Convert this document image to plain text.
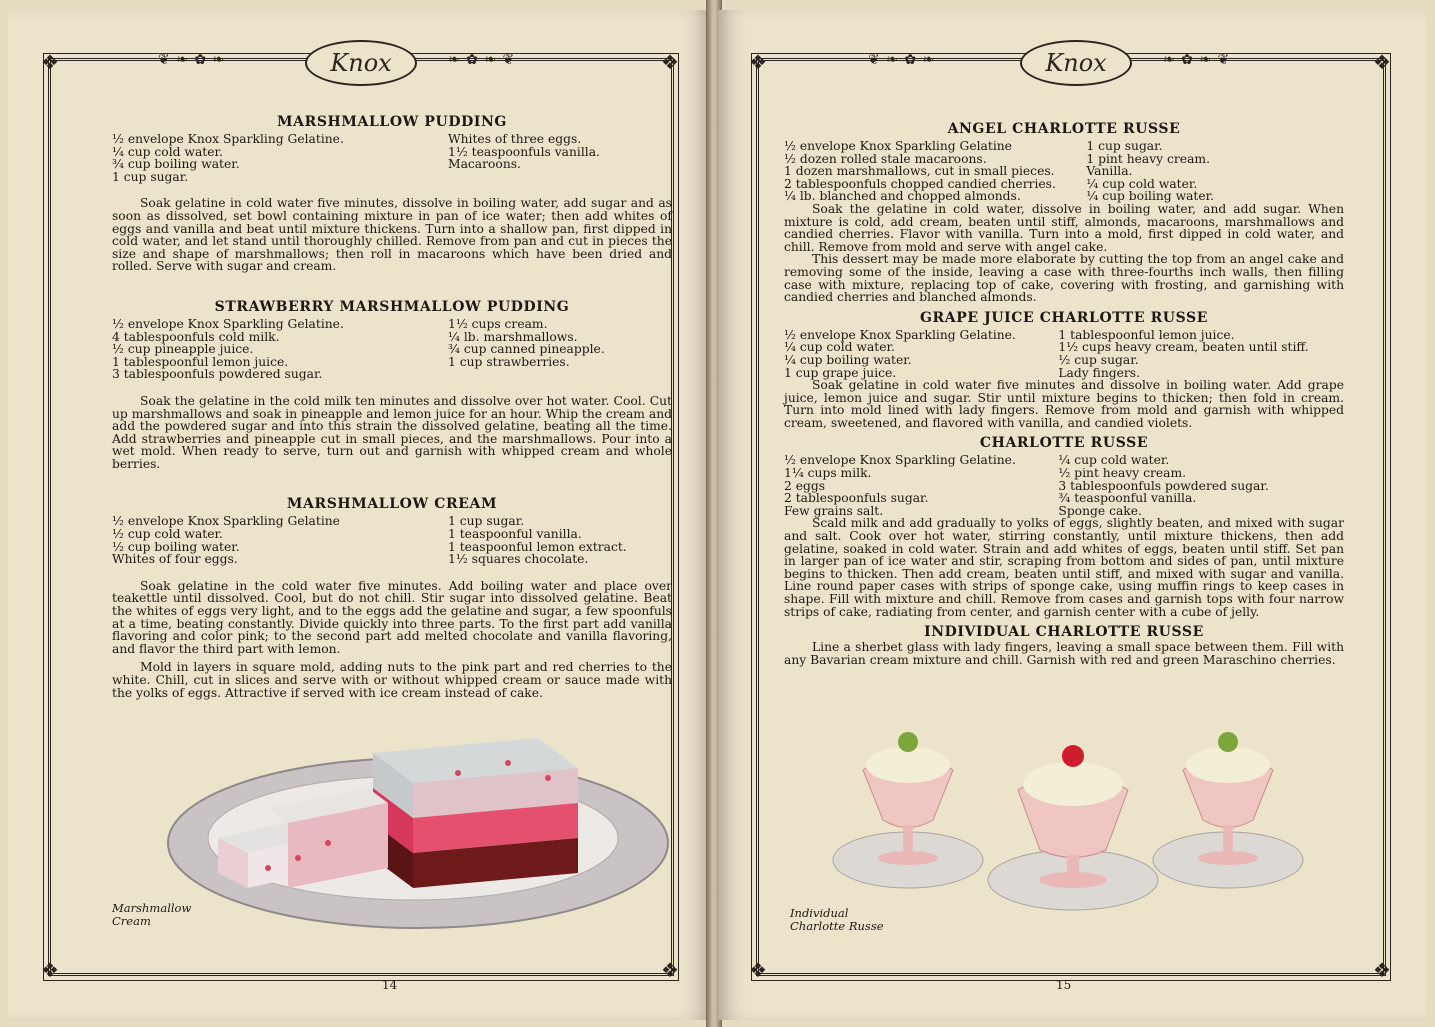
❦ ❧ ✿ ❧	❧ ✿ ❧ ❦
Knox
❖	❖
❖	❖
MARSHMALLOW PUDDING
½ envelope Knox Sparkling Gelatine.
¼ cup cold water.
¾ cup boiling water.
1 cup sugar.
Whites of three eggs.
1½ teaspoonfuls vanilla.
Macaroons.

Soak gelatine in cold water five minutes, dissolve in boiling water, add sugar and as soon as dissolved, set bowl containing mixture in pan of ice water; then add whites of eggs and vanilla and beat until mixture thickens. Turn into a shallow pan, first dipped in cold water, and let stand until thoroughly chilled. Remove from pan and cut in pieces the size and shape of marshmallows; then roll in macaroons which have been dried and rolled. Serve with sugar and cream.

STRAWBERRY MARSHMALLOW PUDDING
½ envelope Knox Sparkling Gelatine.
4 tablespoonfuls cold milk.
½ cup pineapple juice.
1 tablespoonful lemon juice.
3 tablespoonfuls powdered sugar.
1½ cups cream.
¼ lb. marshmallows.
¾ cup canned pineapple.
1 cup strawberries.

Soak the gelatine in the cold milk ten minutes and dissolve over hot water. Cool. Cut up marshmallows and soak in pineapple and lemon juice for an hour. Whip the cream and add the powdered sugar and into this strain the dissolved gelatine, beating all the time. Add strawberries and pineapple cut in small pieces, and the marshmallows. Pour into a wet mold. When ready to serve, turn out and garnish with whipped cream and whole berries.

MARSHMALLOW CREAM
½ envelope Knox Sparkling Gelatine
½ cup cold water.
½ cup boiling water.
Whites of four eggs.
1 cup sugar.
1 teaspoonful vanilla.
1 teaspoonful lemon extract.
1½ squares chocolate.

Soak gelatine in the cold water five minutes. Add boiling water and place over teakettle until dissolved. Cool, but do not chill. Stir sugar into dissolved gelatine. Beat the whites of eggs very light, and to the eggs add the gelatine and sugar, a few spoonfuls at a time, beating constantly. Divide quickly into three parts. To the first part add vanilla flavoring and color pink; to the second part add melted chocolate and vanilla flavoring, and flavor the third part with lemon.

Mold in layers in square mold, adding nuts to the pink part and red cherries to the white. Chill, cut in slices and serve with or without whipped cream or sauce made with the yolks of eggs. Attractive if served with ice cream instead of cake.

Marshmallow
Cream
14
❦ ❧ ✿ ❧	❧ ✿ ❧ ❦
Knox
❖	❖
❖	❖
ANGEL CHARLOTTE RUSSE
½ envelope Knox Sparkling Gelatine
½ dozen rolled stale macaroons.
1 dozen marshmallows, cut in small pieces.
2 tablespoonfuls chopped candied cherries.
¼ lb. blanched and chopped almonds.
1 cup sugar.
1 pint heavy cream.
Vanilla.
¼ cup cold water.
¼ cup boiling water.

Soak the gelatine in cold water, dissolve in boiling water, and add sugar. When mixture is cold, add cream, beaten until stiff, almonds, macaroons, marshmallows and candied cherries. Flavor with vanilla. Turn into a mold, first dipped in cold water, and chill. Remove from mold and serve with angel cake.

This dessert may be made more elaborate by cutting the top from an angel cake and removing some of the inside, leaving a case with three-fourths inch walls, then filling case with mixture, replacing top of cake, covering with frosting, and garnishing with candied cherries and blanched almonds.

GRAPE JUICE CHARLOTTE RUSSE
½ envelope Knox Sparkling Gelatine.
¼ cup cold water.
¼ cup boiling water.
1 cup grape juice.
1 tablespoonful lemon juice.
1½ cups heavy cream, beaten until stiff.
½ cup sugar.
Lady fingers.

Soak gelatine in cold water five minutes and dissolve in boiling water. Add grape juice, lemon juice and sugar. Stir until mixture begins to thicken; then fold in cream. Turn into mold lined with lady fingers. Remove from mold and garnish with whipped cream, sweetened, and flavored with vanilla, and candied violets.

CHARLOTTE RUSSE
½ envelope Knox Sparkling Gelatine.
1¼ cups milk.
2 eggs
2 tablespoonfuls sugar.
Few grains salt.
¼ cup cold water.
½ pint heavy cream.
3 tablespoonfuls powdered sugar.
¾ teaspoonful vanilla.
Sponge cake.

Scald milk and add gradually to yolks of eggs, slightly beaten, and mixed with sugar and salt. Cook over hot water, stirring constantly, until mixture thickens, then add gelatine, soaked in cold water. Strain and add whites of eggs, beaten until stiff. Set pan in larger pan of ice water and stir, scraping from bottom and sides of pan, until mixture begins to thicken. Then add cream, beaten until stiff, and mixed with sugar and vanilla. Line round paper cases with strips of sponge cake, using muffin rings to keep cases in shape. Fill with mixture and chill. Remove from cases and garnish tops with four narrow strips of cake, radiating from center, and garnish center with a cube of jelly.

INDIVIDUAL CHARLOTTE RUSSE

Line a sherbet glass with lady fingers, leaving a small space between them. Fill with any Bavarian cream mixture and chill. Garnish with red and green Maraschino cherries.

Individual
Charlotte Russe
15
